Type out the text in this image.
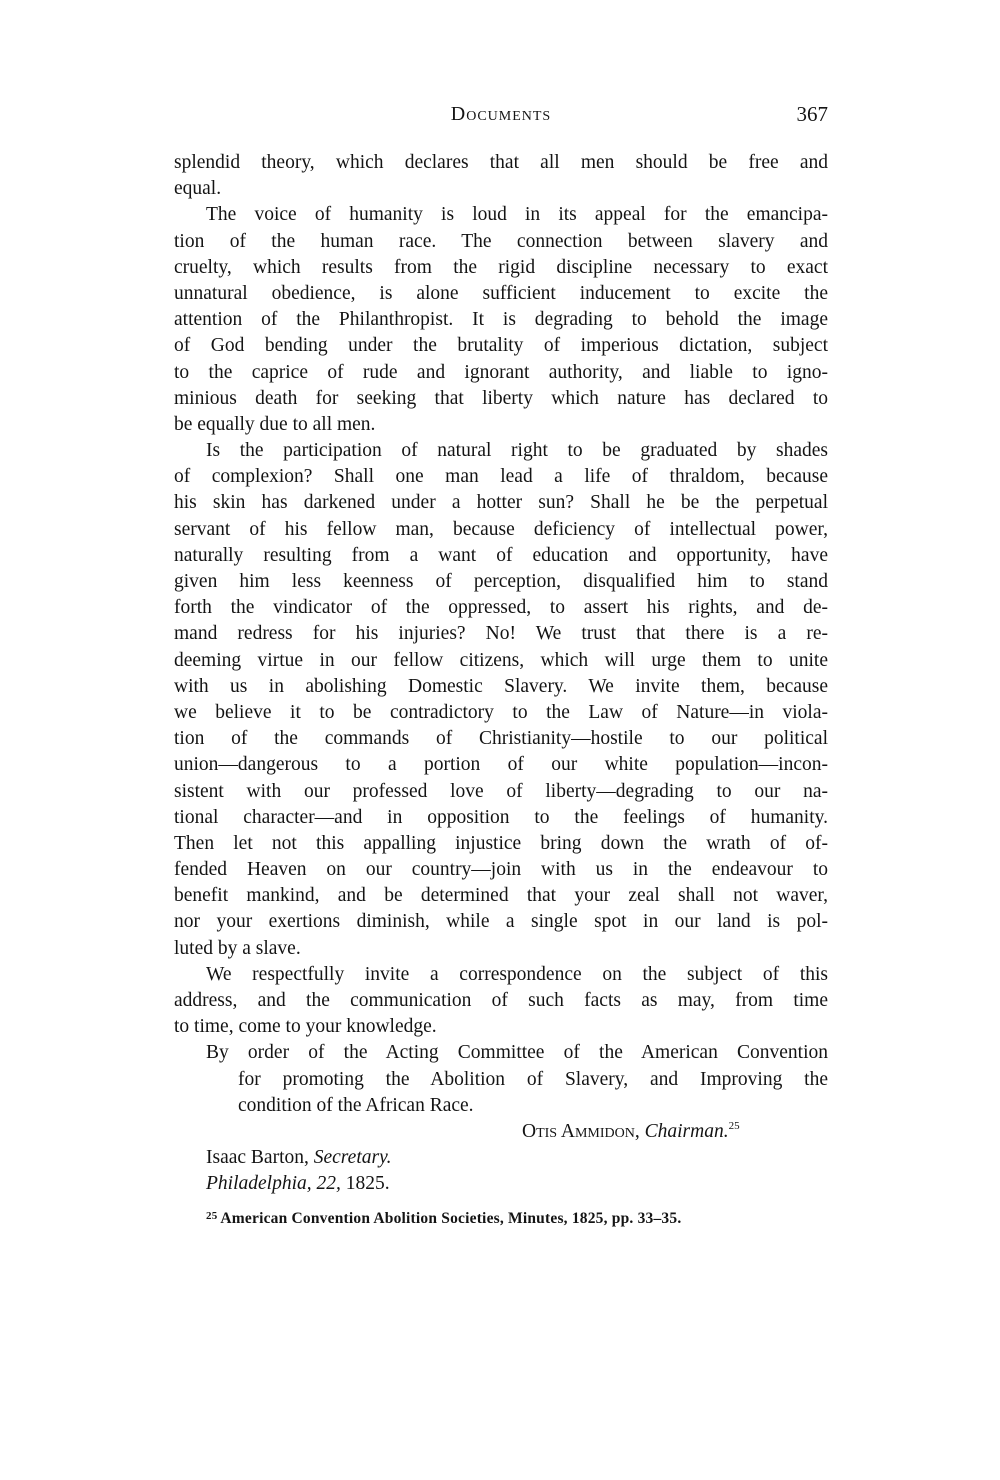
Documents	367
splendid theory, which declares that all men should be free and
equal.
The voice of humanity is loud in its appeal for the emancipa-
tion of the human race. The connection between slavery and
cruelty, which results from the rigid discipline necessary to exact
unnatural obedience, is alone sufficient inducement to excite the
attention of the Philanthropist. It is degrading to behold the image
of God bending under the brutality of imperious dictation, subject
to the caprice of rude and ignorant authority, and liable to igno-
minious death for seeking that liberty which nature has declared to
be equally due to all men.
Is the participation of natural right to be graduated by shades
of complexion? Shall one man lead a life of thraldom, because
his skin has darkened under a hotter sun? Shall he be the perpetual
servant of his fellow man, because deficiency of intellectual power,
naturally resulting from a want of education and opportunity, have
given him less keenness of perception, disqualified him to stand
forth the vindicator of the oppressed, to assert his rights, and de-
mand redress for his injuries? No! We trust that there is a re-
deeming virtue in our fellow citizens, which will urge them to unite
with us in abolishing Domestic Slavery. We invite them, because
we believe it to be contradictory to the Law of Nature—in viola-
tion of the commands of Christianity—hostile to our political
union—dangerous to a portion of our white population—incon-
sistent with our professed love of liberty—degrading to our na-
tional character—and in opposition to the feelings of humanity.
Then let not this appalling injustice bring down the wrath of of-
fended Heaven on our country—join with us in the endeavour to
benefit mankind, and be determined that your zeal shall not waver,
nor your exertions diminish, while a single spot in our land is pol-
luted by a slave.
We respectfully invite a correspondence on the subject of this
address, and the communication of such facts as may, from time
to time, come to your knowledge.
By order of the Acting Committee of the American Convention
for promoting the Abolition of Slavery, and Improving the
condition of the African Race.
Otis Ammidon, Chairman.$^{25}$
Isaac Barton, Secretary.
Philadelphia, 22, 1825.
$^{25}$ American Convention Abolition Societies, Minutes, 1825, pp. 33–35.
